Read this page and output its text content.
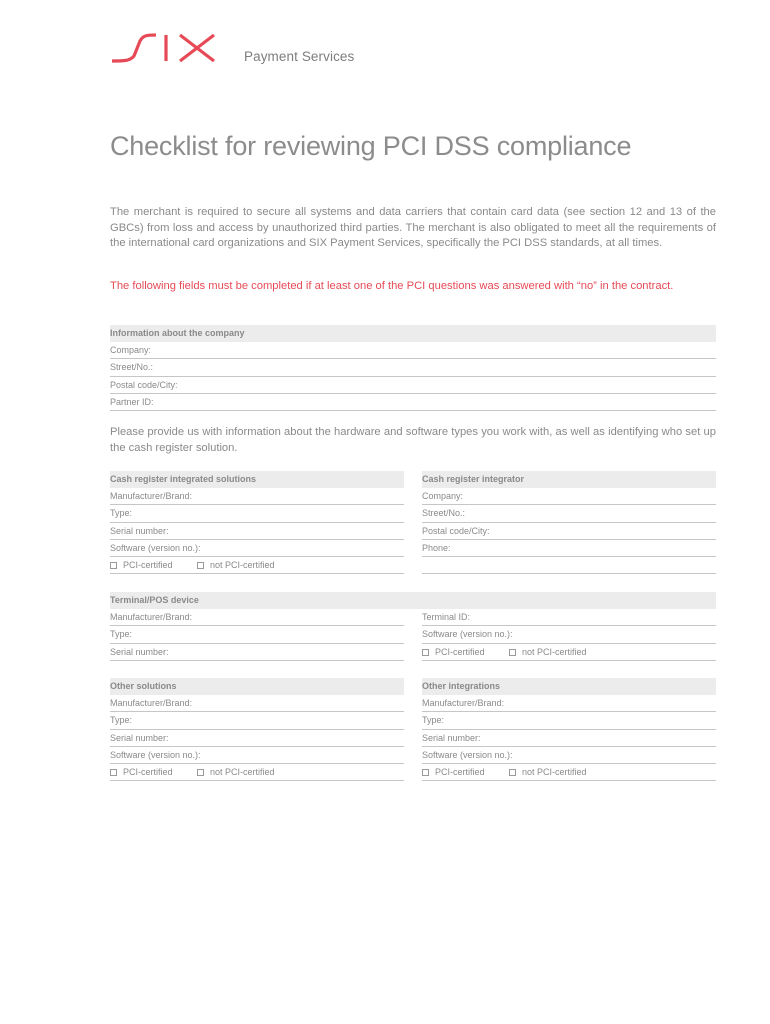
Payment Services
Checklist for reviewing PCI DSS compliance

The merchant is required to secure all systems and data carriers that contain card data (see section 12 and 13 of the GBCs) from loss and access by unauthorized third parties. The merchant is also obligated to meet all the requirements of the international card organizations and SIX Payment Services, specifically the PCI DSS standards, at all times.

The following fields must be completed if at least one of the PCI questions was answered with “no” in the contract.

Information about the company
Company:
Street/No.:
Postal code/City:
Partner ID:

Please provide us with information about the hardware and software types you work with, as well as identifying who set up the cash register solution.

Cash register integrated solutions
Manufacturer/Brand:
Type:
Serial number:
Software (version no.):
PCI-certified	not PCI-certified
Cash register integrator
Company:
Street/No.:
Postal code/City:
Phone:

Terminal/POS device
Manufacturer/Brand:
Type:
Serial number:
Terminal ID:
Software (version no.):
PCI-certified	not PCI-certified
Other solutions
Manufacturer/Brand:
Type:
Serial number:
Software (version no.):
PCI-certified	not PCI-certified
Other integrations
Manufacturer/Brand:
Type:
Serial number:
Software (version no.):
PCI-certified	not PCI-certified
